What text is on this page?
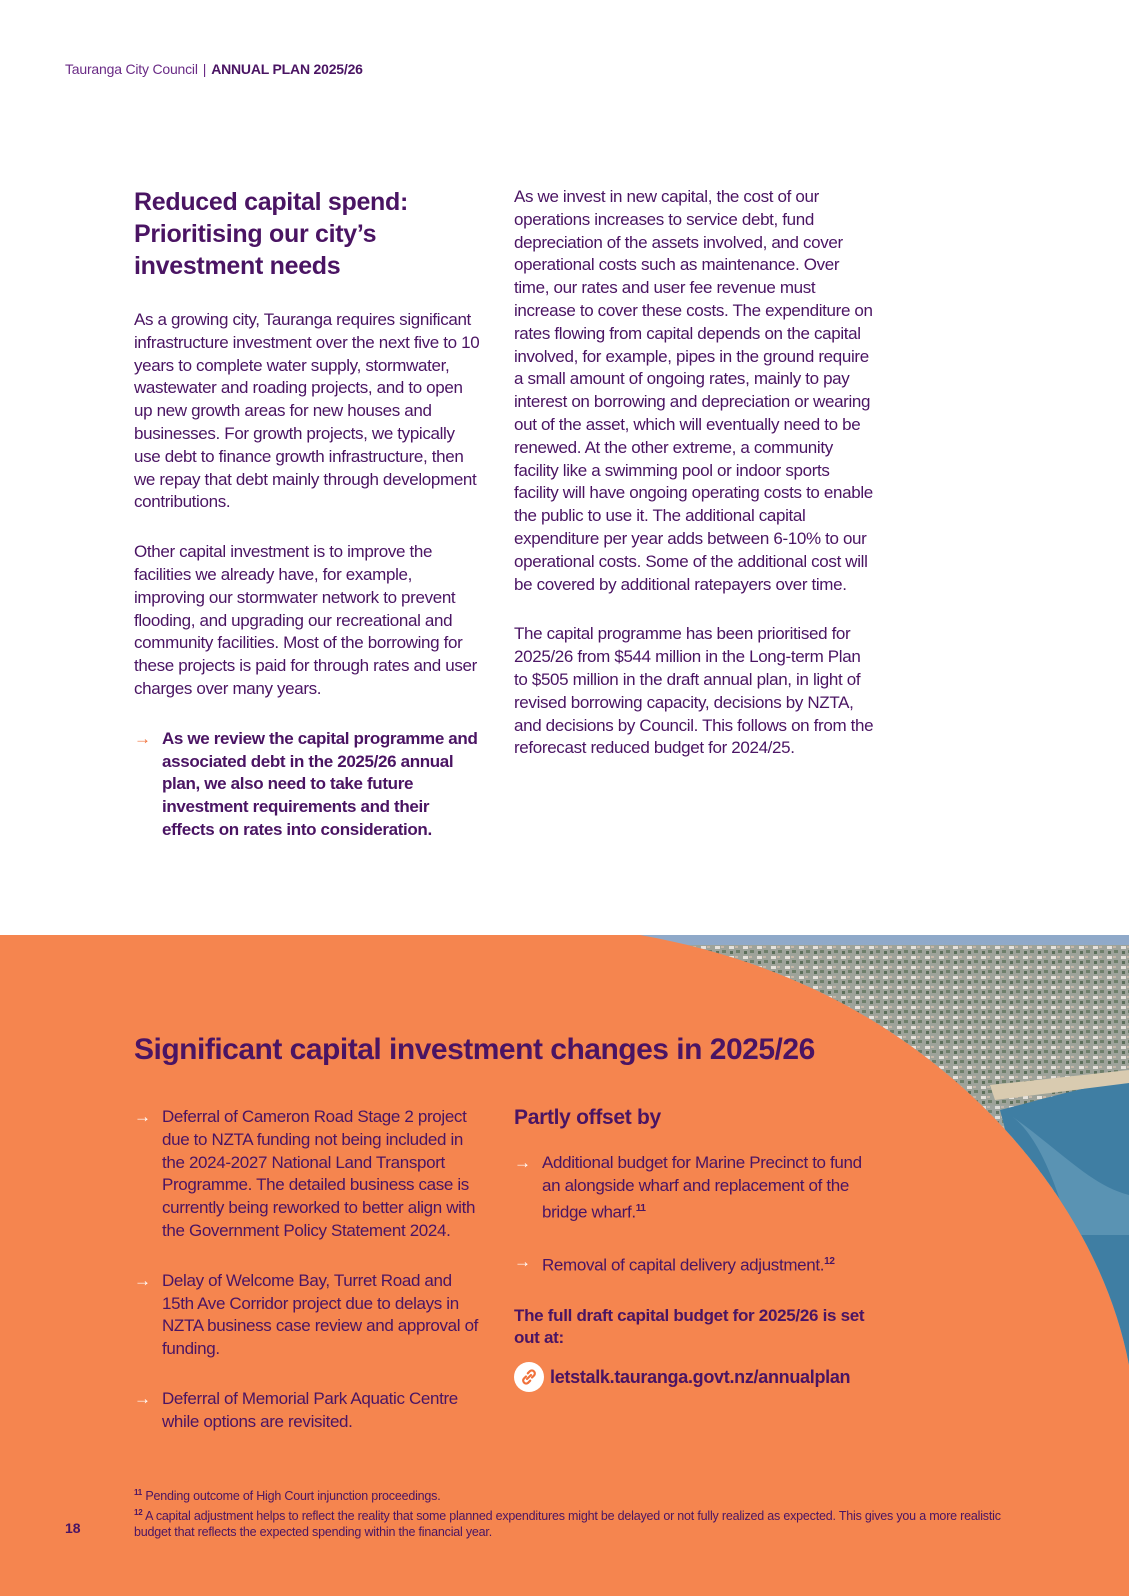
Tauranga City Council | ANNUAL PLAN 2025/26
Reduced capital spend: Prioritising our city’s investment needs

As a growing city, Tauranga requires significant infrastructure investment over the next five to 10 years to complete water supply, stormwater, wastewater and roading projects, and to open up new growth areas for new houses and businesses. For growth projects, we typically use debt to finance growth infrastructure, then we repay that debt mainly through development contributions.

Other capital investment is to improve the facilities we already have, for example, improving our stormwater network to prevent flooding, and upgrading our recreational and community facilities. Most of the borrowing for these projects is paid for through rates and user charges over many years.

→ As we review the capital programme and associated debt in the 2025/26 annual plan, we also need to take future investment requirements and their effects on rates into consideration.

As we invest in new capital, the cost of our operations increases to service debt, fund depreciation of the assets involved, and cover operational costs such as maintenance. Over time, our rates and user fee revenue must increase to cover these costs. The expenditure on rates flowing from capital depends on the capital involved, for example, pipes in the ground require a small amount of ongoing rates, mainly to pay interest on borrowing and depreciation or wearing out of the asset, which will eventually need to be renewed. At the other extreme, a community facility like a swimming pool or indoor sports facility will have ongoing operating costs to enable the public to use it. The additional capital expenditure per year adds between 6-10% to our operational costs. Some of the additional cost will be covered by additional ratepayers over time.

The capital programme has been prioritised for 2025/26 from $544 million in the Long-term Plan to $505 million in the draft annual plan, in light of revised borrowing capacity, decisions by NZTA, and decisions by Council. This follows on from the reforecast reduced budget for 2024/25.

Significant capital investment changes in 2025/26
→ Deferral of Cameron Road Stage 2 project due to NZTA funding not being included in the 2024-2027 National Land Transport Programme. The detailed business case is currently being reworked to better align with the Government Policy Statement 2024.
→ Delay of Welcome Bay, Turret Road and 15th Ave Corridor project due to delays in NZTA business case review and approval of funding.
→ Deferral of Memorial Park Aquatic Centre while options are revisited.
Partly offset by
→ Additional budget for Marine Precinct to fund an alongside wharf and replacement of the bridge wharf.$^{11}$
→ Removal of capital delivery adjustment.$^{12}$

The full draft capital budget for 2025/26 is set out at:

letstalk.tauranga.govt.nz/annualplan
$^{11}$ Pending outcome of High Court injunction proceedings.
$^{12}$ A capital adjustment helps to reflect the reality that some planned expenditures might be delayed or not fully realized as expected. This gives you a more realistic budget that reflects the expected spending within the financial year.
18
